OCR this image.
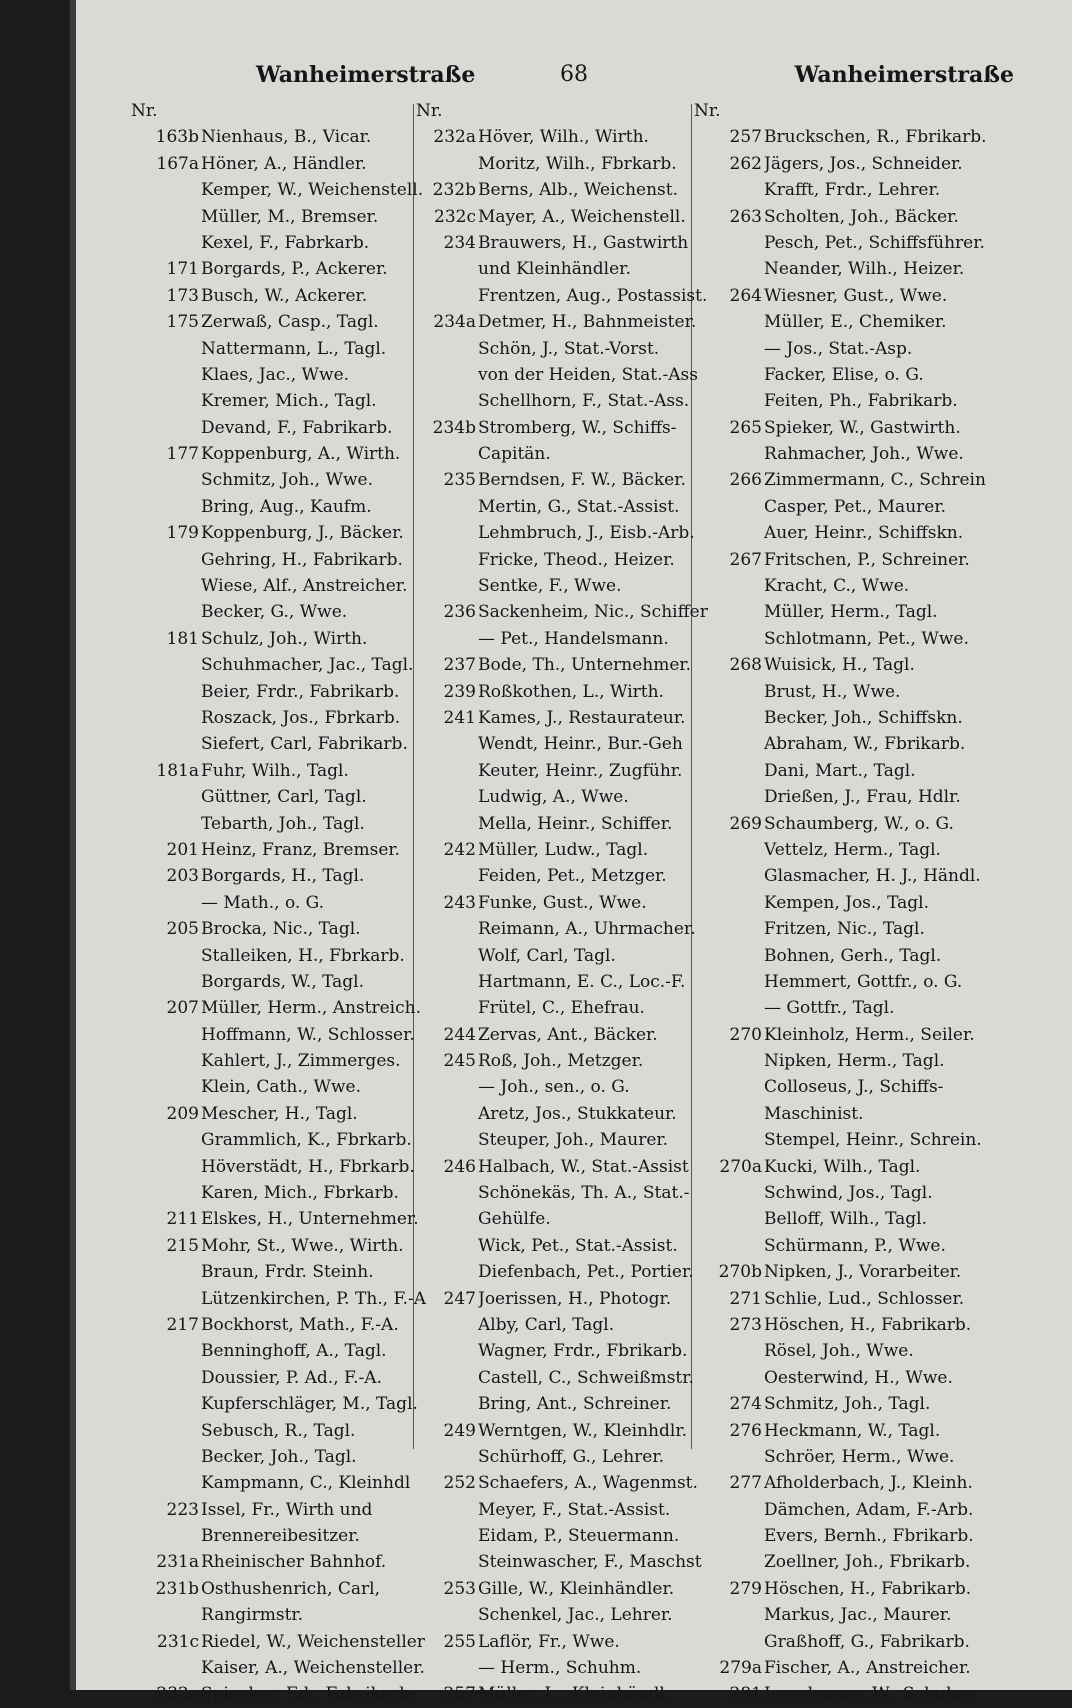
Wanheimerstraße	68	Wanheimerstraße
Nr.
163b Nienhaus, B., Vicar.
167a Höner, A., Händler.
Kemper, W., Weichenstell.
Müller, M., Bremser.
Kexel, F., Fabrkarb.
171 Borgards, P., Ackerer.
173 Busch, W., Ackerer.
175 Zerwaß, Casp., Tagl.
Nattermann, L., Tagl.
Klaes, Jac., Wwe.
Kremer, Mich., Tagl.
Devand, F., Fabrikarb.
177 Koppenburg, A., Wirth.
Schmitz, Joh., Wwe.
Bring, Aug., Kaufm.
179 Koppenburg, J., Bäcker.
Gehring, H., Fabrikarb.
Wiese, Alf., Anstreicher.
Becker, G., Wwe.
181 Schulz, Joh., Wirth.
Schuhmacher, Jac., Tagl.
Beier, Frdr., Fabrikarb.
Roszack, Jos., Fbrkarb.
Siefert, Carl, Fabrikarb.
181a Fuhr, Wilh., Tagl.
Güttner, Carl, Tagl.
Tebarth, Joh., Tagl.
201 Heinz, Franz, Bremser.
203 Borgards, H., Tagl.
— Math., o. G.
205 Brocka, Nic., Tagl.
Stalleiken, H., Fbrkarb.
Borgards, W., Tagl.
207 Müller, Herm., Anstreich.
Hoffmann, W., Schlosser.
Kahlert, J., Zimmerges.
Klein, Cath., Wwe.
209 Mescher, H., Tagl.
Grammlich, K., Fbrkarb.
Höverstädt, H., Fbrkarb.
Karen, Mich., Fbrkarb.
211 Elskes, H., Unternehmer.
215 Mohr, St., Wwe., Wirth.
Braun, Frdr. Steinh.
Lützenkirchen, P. Th., F.-A
217 Bockhorst, Math., F.-A.
Benninghoff, A., Tagl.
Doussier, P. Ad., F.-A.
Kupferschläger, M., Tagl.
Sebusch, R., Tagl.
Becker, Joh., Tagl.
Kampmann, C., Kleinhdl
223 Issel, Fr., Wirth und
Brennereibesitzer.
231a Rheinischer Bahnhof.
231b Osthushenrich, Carl,
Rangirmstr.
231c Riedel, W., Weichensteller
Kaiser, A., Weichensteller.
232a Spiecker, Ed., Fabrikarb.
Nr.
232a Höver, Wilh., Wirth.
Moritz, Wilh., Fbrkarb.
232b Berns, Alb., Weichenst.
232c Mayer, A., Weichenstell.
234 Brauwers, H., Gastwirth
und Kleinhändler.
Frentzen, Aug., Postassist.
234a Detmer, H., Bahnmeister.
Schön, J., Stat.-Vorst.
von der Heiden, Stat.-Ass
Schellhorn, F., Stat.-Ass.
234b Stromberg, W., Schiffs-
Capitän.
235 Berndsen, F. W., Bäcker.
Mertin, G., Stat.-Assist.
Lehmbruch, J., Eisb.-Arb.
Fricke, Theod., Heizer.
Sentke, F., Wwe.
236 Sackenheim, Nic., Schiffer
— Pet., Handelsmann.
237 Bode, Th., Unternehmer.
239 Roßkothen, L., Wirth.
241 Kames, J., Restaurateur.
Wendt, Heinr., Bur.-Geh
Keuter, Heinr., Zugführ.
Ludwig, A., Wwe.
Mella, Heinr., Schiffer.
242 Müller, Ludw., Tagl.
Feiden, Pet., Metzger.
243 Funke, Gust., Wwe.
Reimann, A., Uhrmacher.
Wolf, Carl, Tagl.
Hartmann, E. C., Loc.-F.
Frütel, C., Ehefrau.
244 Zervas, Ant., Bäcker.
245 Roß, Joh., Metzger.
— Joh., sen., o. G.
Aretz, Jos., Stukkateur.
Steuper, Joh., Maurer.
246 Halbach, W., Stat.-Assist
Schönekäs, Th. A., Stat.-
Gehülfe.
Wick, Pet., Stat.-Assist.
Diefenbach, Pet., Portier.
247 Joerissen, H., Photogr.
Alby, Carl, Tagl.
Wagner, Frdr., Fbrikarb.
Castell, C., Schweißmstr.
Bring, Ant., Schreiner.
249 Werntgen, W., Kleinhdlr.
Schürhoff, G., Lehrer.
252 Schaefers, A., Wagenmst.
Meyer, F., Stat.-Assist.
Eidam, P., Steuermann.
Steinwascher, F., Maschst
253 Gille, W., Kleinhändler.
Schenkel, Jac., Lehrer.
255 Laflör, Fr., Wwe.
— Herm., Schuhm.
257 Müller, L., Kleinhändl.
Nr.
257 Bruckschen, R., Fbrikarb.
262 Jägers, Jos., Schneider.
Krafft, Frdr., Lehrer.
263 Scholten, Joh., Bäcker.
Pesch, Pet., Schiffsführer.
Neander, Wilh., Heizer.
264 Wiesner, Gust., Wwe.
Müller, E., Chemiker.
— Jos., Stat.-Asp.
Facker, Elise, o. G.
Feiten, Ph., Fabrikarb.
265 Spieker, W., Gastwirth.
Rahmacher, Joh., Wwe.
266 Zimmermann, C., Schrein
Casper, Pet., Maurer.
Auer, Heinr., Schiffskn.
267 Fritschen, P., Schreiner.
Kracht, C., Wwe.
Müller, Herm., Tagl.
Schlotmann, Pet., Wwe.
268 Wuisick, H., Tagl.
Brust, H., Wwe.
Becker, Joh., Schiffskn.
Abraham, W., Fbrikarb.
Dani, Mart., Tagl.
Drießen, J., Frau, Hdlr.
269 Schaumberg, W., o. G.
Vettelz, Herm., Tagl.
Glasmacher, H. J., Händl.
Kempen, Jos., Tagl.
Fritzen, Nic., Tagl.
Bohnen, Gerh., Tagl.
Hemmert, Gottfr., o. G.
— Gottfr., Tagl.
270 Kleinholz, Herm., Seiler.
Nipken, Herm., Tagl.
Colloseus, J., Schiffs-
Maschinist.
Stempel, Heinr., Schrein.
270a Kucki, Wilh., Tagl.
Schwind, Jos., Tagl.
Belloff, Wilh., Tagl.
Schürmann, P., Wwe.
270b Nipken, J., Vorarbeiter.
271 Schlie, Lud., Schlosser.
273 Höschen, H., Fabrikarb.
Rösel, Joh., Wwe.
Oesterwind, H., Wwe.
274 Schmitz, Joh., Tagl.
276 Heckmann, W., Tagl.
Schröer, Herm., Wwe.
277 Afholderbach, J., Kleinh.
Dämchen, Adam, F.-Arb.
Evers, Bernh., Fbrikarb.
Zoellner, Joh., Fbrikarb.
279 Höschen, H., Fabrikarb.
Markus, Jac., Maurer.
Graßhoff, G., Fabrikarb.
279a Fischer, A., Anstreicher.
281 Impelmann, W., Schuhm
